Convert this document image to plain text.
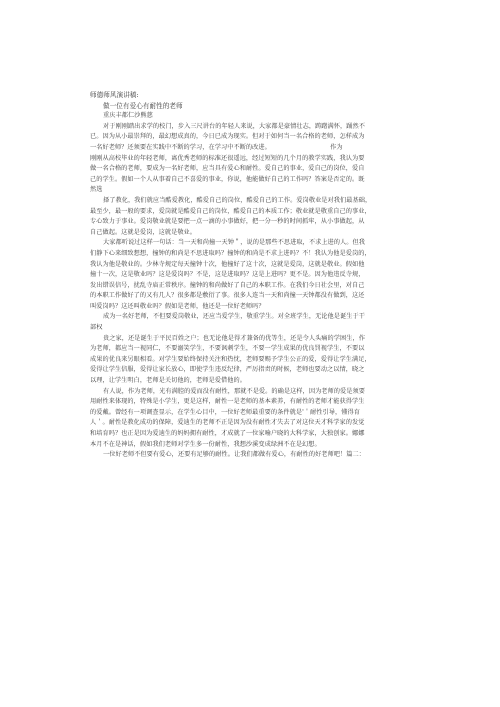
师德师风演讲稿:
做一位有爱心有耐性的老师
重庆丰都仁沙熊慈
对于刚刚踏出求学的校门，步入三尺讲台的年轻人来说，大家都是豪情壮志，踌躇满怀，踊然不
已。因为从小最崇拜的，最幻想成真的，今日已成为现实。但对于如何当一名合格的老师，怎样成为
一名好老师？还须要在实践中不断的学习，在学习中不断的改进。　　　　　　　　　　作为
刚刚从高校毕业的年轻老师，离优秀老师的标准还很遥远，经过短短的几个月的教学实践，我认为要
做一名合格的老师，要成为一名好老师，应当具有爱心和耐性。爱自己的事业，爱自己的岗位，爱自
己的学生。假如一个人从事着自己不喜爱的事业，你说，他能做好自己的工作吗？答案是否定的。既
然选
择了教化，我们就应当酷爱教化，酷爱自己的岗位，酷爱自己的工作。爱岗敬业是对我们最基础，
最至少，最一般的要求，爱岗就是酷爱自己的岗位，酷爱自己的本质工作；敬业就是敬重自己的事业，
专心致力于事业。爱岗敬业就是要把一点一滴的小事做好，把一分一秒的时间抓牢，从小事做起，从
自己做起。这就是爱岗，这就是敬业。
大家都听说过这样一句话：当一天和尚撞一天钟＂，说的是那些不思进取，不求上进的人。但我
们静下心来细致想想，撞钟的和尚是不思进取吗？撞钟的和尚是不求上进吗？不！我认为他是爱岗的，
我认为他是敬业的。少林寺规定每天撞钟十次，他撞好了这十次，这就是爱岗，这就是敬业。假如他
撞十一次，这是敬业吗？这是爱岗吗？不是，这是进取吗？这是上进吗？更不是。因为他违反寺规，
发出错误信号，扰乱寺庙正常秩序。撞钟的和尚做好了自己的本职工作。在我们今日社会里，对自己
的本职工作做好了的又有几人？很多都是敷衍了事。很多人连当一天和尚撞一天钟都没有做到，这还
叫爱岗吗？这还叫敬业吗？假如是老师，他还是一位好老师吗？
成为一名好老师，不但要爱岗敬业，还应当爱学生，敬重学生。对全班学生，无论他是诞生于干
部权
贵之家，还是诞生于平民百姓之户；也无论他是得才兼备的优等生，还是令人头痛的学困生，作
为老师，都应当一视同仁，不要溺笑学生，不要讽刺学生，不要一学生成果的优良罚视学生，不要以
成果的优良来另眼相看。对学生要始终保持关注和热忱，老师要赐予学生公正的爱，爱得让学生满足，
爱得让学生信服，爱得让家长放心，即使学生违反纪律，严厉指责的时候，老师也要动之以情，晓之
以理，让学生明白，老师是关切他的，老师是爱借他的。
有人说，作为老师，光有满腔的爱而没有耐性，那就不是爱。的确是这样，因为老师的爱是须要
用耐性来体现的，特殊是小学生，更是这样，耐性一是老师的基本素养，有耐性的老师才能获得学生
的爱戴。曾经有一项调查显示，在学生心目中，一位好老师最重要的条件就是'＇耐性引导，懂得育
人＇。耐性是教化成功的保障，爱迪生的老师不正是因为没有耐性才失去了对这位天才科学家的发觉
和培育吗？也正是因为爱迪生的妈妈拥有耐性，才成就了一位家喻户晓的大科学家，大独创家。娜娜
本月不在是神话，假如我们老师对学生多一份耐性，我想沙溪变成绿洲不在是幻想。
一位好老师不但要有爱心，还要有足够的耐性。让我们都做有爱心，有耐性的好老师吧！篇二：
